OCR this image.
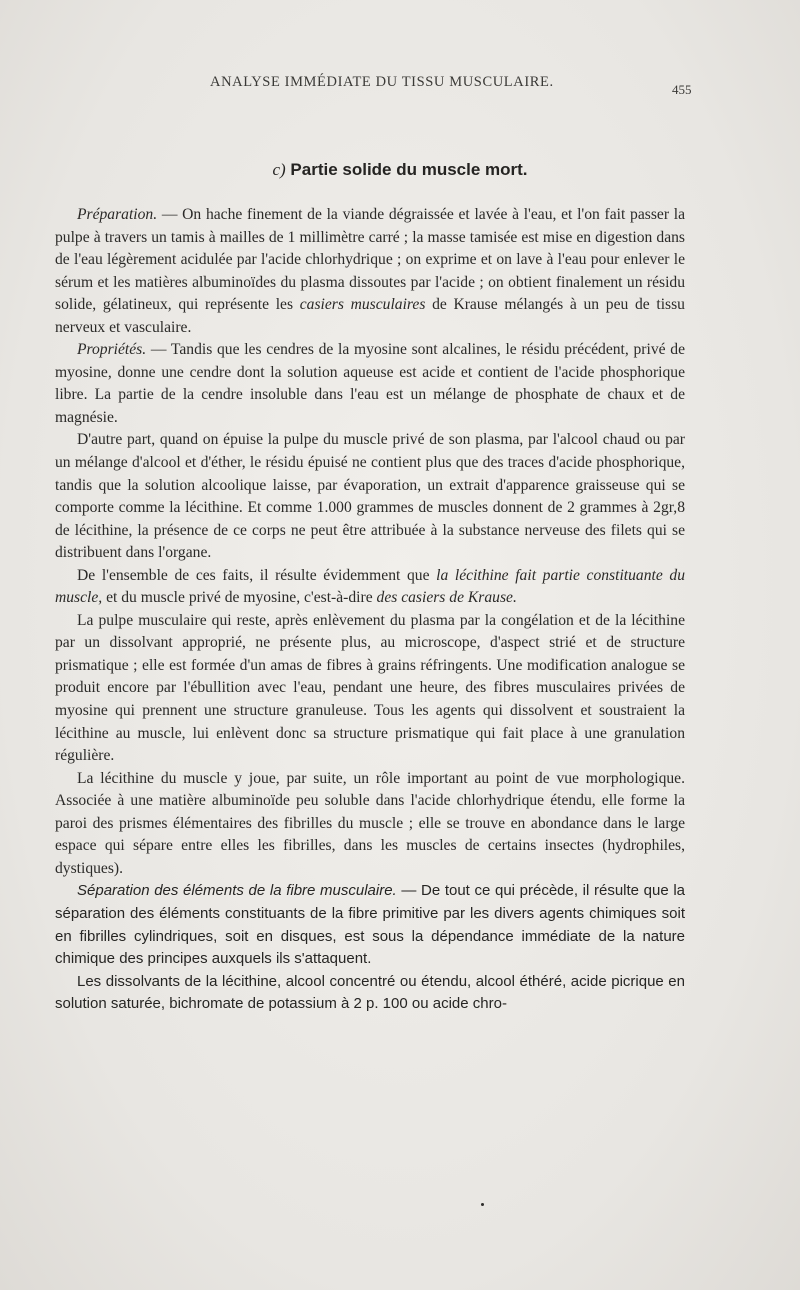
ANALYSE IMMÉDIATE DU TISSU MUSCULAIRE.	455
c) Partie solide du muscle mort.

Préparation. — On hache finement de la viande dégraissée et lavée à l'eau, et l'on fait passer la pulpe à travers un tamis à mailles de 1 millimètre carré ; la masse tamisée est mise en digestion dans de l'eau légèrement acidulée par l'acide chlorhydrique ; on exprime et on lave à l'eau pour enlever le sérum et les matières albuminoïdes du plasma dissoutes par l'acide ; on obtient finalement un résidu solide, gélatineux, qui représente les casiers musculaires de Krause mélangés à un peu de tissu nerveux et vasculaire.

Propriétés. — Tandis que les cendres de la myosine sont alcalines, le résidu précédent, privé de myosine, donne une cendre dont la solution aqueuse est acide et contient de l'acide phosphorique libre. La partie de la cendre insoluble dans l'eau est un mélange de phosphate de chaux et de magnésie.

D'autre part, quand on épuise la pulpe du muscle privé de son plasma, par l'alcool chaud ou par un mélange d'alcool et d'éther, le résidu épuisé ne contient plus que des traces d'acide phosphorique, tandis que la solution alcoolique laisse, par évaporation, un extrait d'apparence graisseuse qui se comporte comme la lécithine. Et comme 1.000 grammes de muscles donnent de 2 grammes à 2gr,8 de lécithine, la présence de ce corps ne peut être attribuée à la substance nerveuse des filets qui se distribuent dans l'organe.

De l'ensemble de ces faits, il résulte évidemment que la lécithine fait partie constituante du muscle, et du muscle privé de myosine, c'est-à-dire des casiers de Krause.

La pulpe musculaire qui reste, après enlèvement du plasma par la congélation et de la lécithine par un dissolvant approprié, ne présente plus, au microscope, d'aspect strié et de structure prismatique ; elle est formée d'un amas de fibres à grains réfringents. Une modification analogue se produit encore par l'ébullition avec l'eau, pendant une heure, des fibres musculaires privées de myosine qui prennent une structure granuleuse. Tous les agents qui dissolvent et soustraient la lécithine au muscle, lui enlèvent donc sa structure prismatique qui fait place à une granulation régulière.

La lécithine du muscle y joue, par suite, un rôle important au point de vue morphologique. Associée à une matière albuminoïde peu soluble dans l'acide chlorhydrique étendu, elle forme la paroi des prismes élémentaires des fibrilles du muscle ; elle se trouve en abondance dans le large espace qui sépare entre elles les fibrilles, dans les muscles de certains insectes (hydrophiles, dystiques).

Séparation des éléments de la fibre musculaire. — De tout ce qui précède, il résulte que la séparation des éléments constituants de la fibre primitive par les divers agents chimiques soit en fibrilles cylindriques, soit en disques, est sous la dépendance immédiate de la nature chimique des principes auxquels ils s'attaquent.

Les dissolvants de la lécithine, alcool concentré ou étendu, alcool éthéré, acide picrique en solution saturée, bichromate de potassium à 2 p. 100 ou acide chro-
